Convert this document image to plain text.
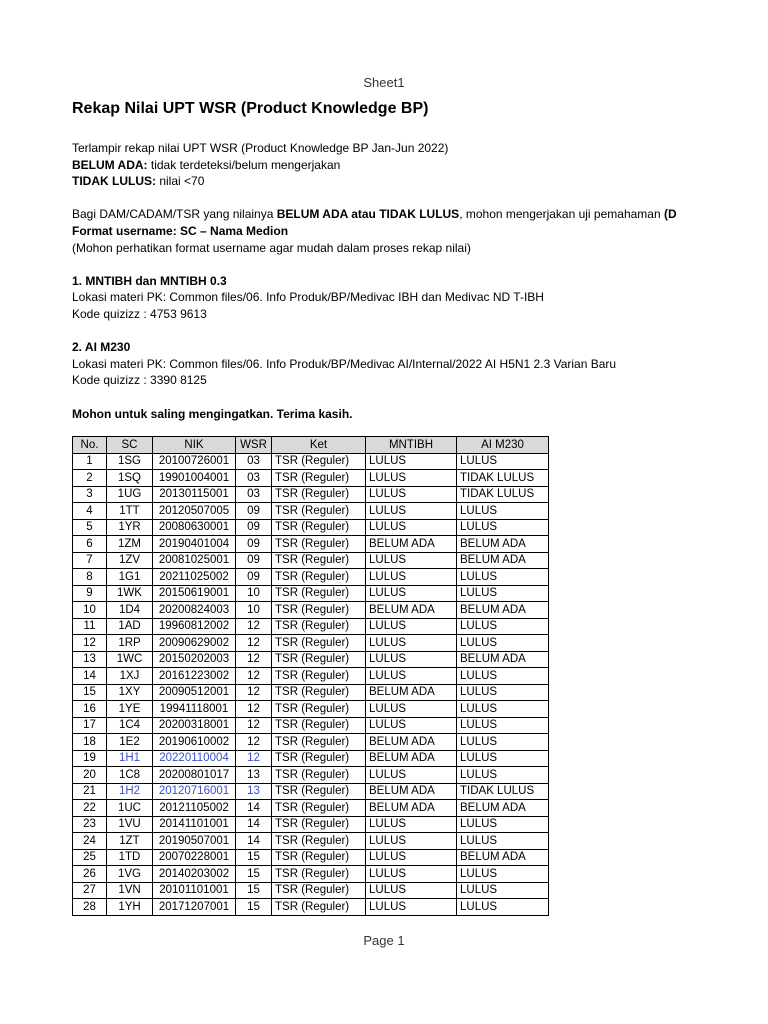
Sheet1
Rekap Nilai UPT WSR (Product Knowledge BP)
Terlampir rekap nilai UPT WSR (Product Knowledge BP Jan-Jun 2022)
BELUM ADA: tidak terdeteksi/belum mengerjakan
TIDAK LULUS: nilai <70
Bagi DAM/CADAM/TSR yang nilainya BELUM ADA atau TIDAK LULUS, mohon mengerjakan uji pemahaman (D
Format username: SC – Nama Medion
(Mohon perhatikan format username agar mudah dalam proses rekap nilai)
1. MNTIBH dan MNTIBH 0.3
Lokasi materi PK: Common files/06. Info Produk/BP/Medivac IBH dan Medivac ND T-IBH
Kode quizizz : 4753 9613
2. AI M230
Lokasi materi PK: Common files/06. Info Produk/BP/Medivac AI/Internal/2022 AI H5N1 2.3 Varian Baru
Kode quizizz : 3390 8125
Mohon untuk saling mengingatkan. Terima kasih.
No.	SC	NIK	WSR	Ket	MNTIBH	AI M230
1	1SG	20100726001	03	TSR (Reguler)	LULUS	LULUS
2	1SQ	19901004001	03	TSR (Reguler)	LULUS	TIDAK LULUS
3	1UG	20130115001	03	TSR (Reguler)	LULUS	TIDAK LULUS
4	1TT	20120507005	09	TSR (Reguler)	LULUS	LULUS
5	1YR	20080630001	09	TSR (Reguler)	LULUS	LULUS
6	1ZM	20190401004	09	TSR (Reguler)	BELUM ADA	BELUM ADA
7	1ZV	20081025001	09	TSR (Reguler)	LULUS	BELUM ADA
8	1G1	20211025002	09	TSR (Reguler)	LULUS	LULUS
9	1WK	20150619001	10	TSR (Reguler)	LULUS	LULUS
10	1D4	20200824003	10	TSR (Reguler)	BELUM ADA	BELUM ADA
11	1AD	19960812002	12	TSR (Reguler)	LULUS	LULUS
12	1RP	20090629002	12	TSR (Reguler)	LULUS	LULUS
13	1WC	20150202003	12	TSR (Reguler)	LULUS	BELUM ADA
14	1XJ	20161223002	12	TSR (Reguler)	LULUS	LULUS
15	1XY	20090512001	12	TSR (Reguler)	BELUM ADA	LULUS
16	1YE	19941118001	12	TSR (Reguler)	LULUS	LULUS
17	1C4	20200318001	12	TSR (Reguler)	LULUS	LULUS
18	1E2	20190610002	12	TSR (Reguler)	BELUM ADA	LULUS
19	1H1	20220110004	12	TSR (Reguler)	BELUM ADA	LULUS
20	1C8	20200801017	13	TSR (Reguler)	LULUS	LULUS
21	1H2	20120716001	13	TSR (Reguler)	BELUM ADA	TIDAK LULUS
22	1UC	20121105002	14	TSR (Reguler)	BELUM ADA	BELUM ADA
23	1VU	20141101001	14	TSR (Reguler)	LULUS	LULUS
24	1ZT	20190507001	14	TSR (Reguler)	LULUS	LULUS
25	1TD	20070228001	15	TSR (Reguler)	LULUS	BELUM ADA
26	1VG	20140203002	15	TSR (Reguler)	LULUS	LULUS
27	1VN	20101101001	15	TSR (Reguler)	LULUS	LULUS
28	1YH	20171207001	15	TSR (Reguler)	LULUS	LULUS
Page 1
